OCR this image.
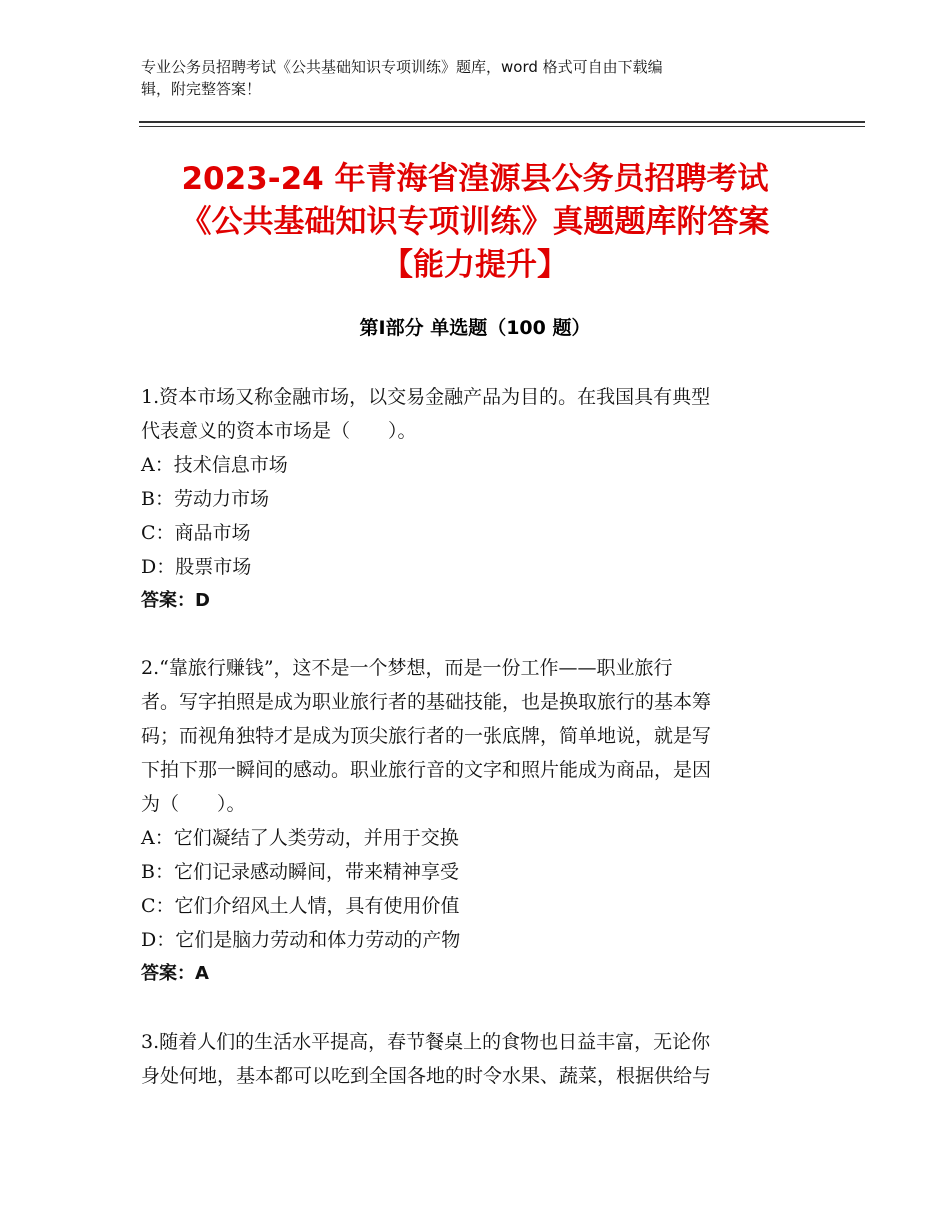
专业公务员招聘考试《公共基础知识专项训练》题库，word 格式可自由下载编
辑，附完整答案！
2023-24 年青海省湟源县公务员招聘考试
《公共基础知识专项训练》真题题库附答案
【能力提升】
第Ⅰ部分 单选题（100 题）

1.资本市场又称金融市场，以交易金融产品为目的。在我国具有典型

代表意义的资本市场是（　　）。

A：技术信息市场

B：劳动力市场

C：商品市场

D：股票市场

答案：D

2.“靠旅行赚钱”，这不是一个梦想，而是一份工作——职业旅行

者。写字拍照是成为职业旅行者的基础技能，也是换取旅行的基本筹

码；而视角独特才是成为顶尖旅行者的一张底牌，简单地说，就是写

下拍下那一瞬间的感动。职业旅行音的文字和照片能成为商品，是因

为（　　）。

A：它们凝结了人类劳动，并用于交换

B：它们记录感动瞬间，带来精神享受

C：它们介绍风土人情，具有使用价值

D：它们是脑力劳动和体力劳动的产物

答案：A

3.随着人们的生活水平提高，春节餐桌上的食物也日益丰富，无论你

身处何地，基本都可以吃到全国各地的时令水果、蔬菜，根据供给与
